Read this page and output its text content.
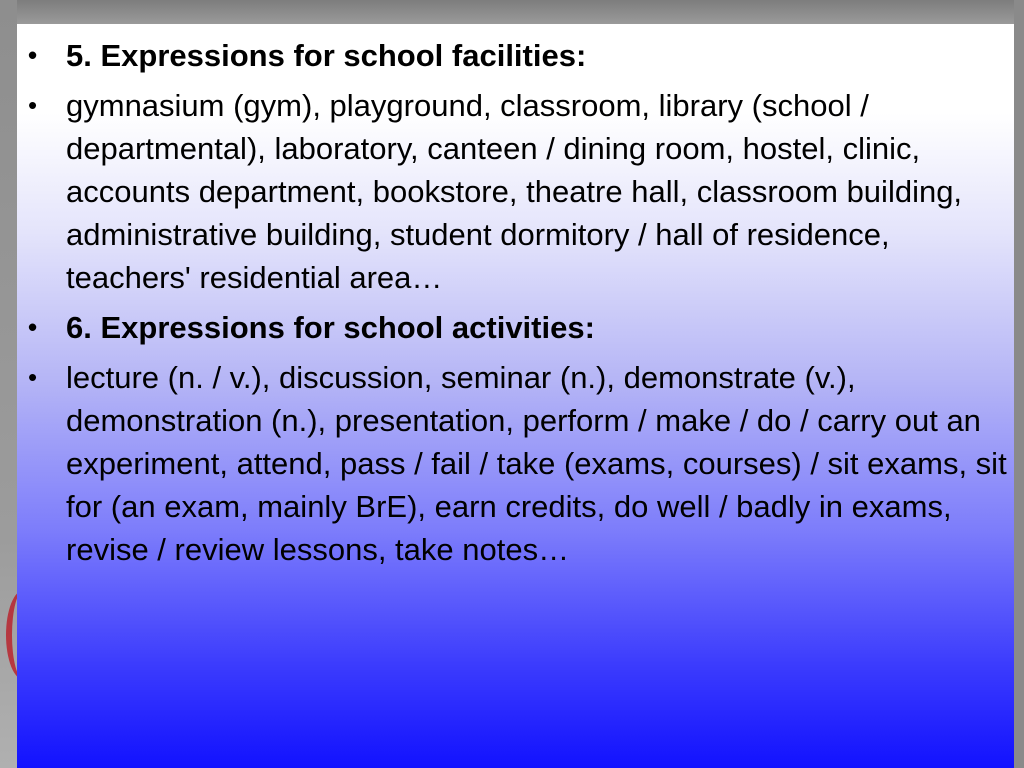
• 5. Expressions for school facilities:
• gymnasium (gym), playground, classroom, library (school / departmental), laboratory, canteen / dining room, hostel, clinic, accounts department, bookstore, theatre hall, classroom building, administrative building, student dormitory / hall of residence, teachers' residential area…
• 6. Expressions for school activities:
• lecture (n. / v.), discussion, seminar (n.), demonstrate (v.), demonstration (n.), presentation, perform / make / do / carry out an experiment, attend, pass / fail / take (exams, courses) / sit exams, sit for (an exam, mainly BrE), earn credits, do well / badly in exams, revise / review lessons, take notes…
